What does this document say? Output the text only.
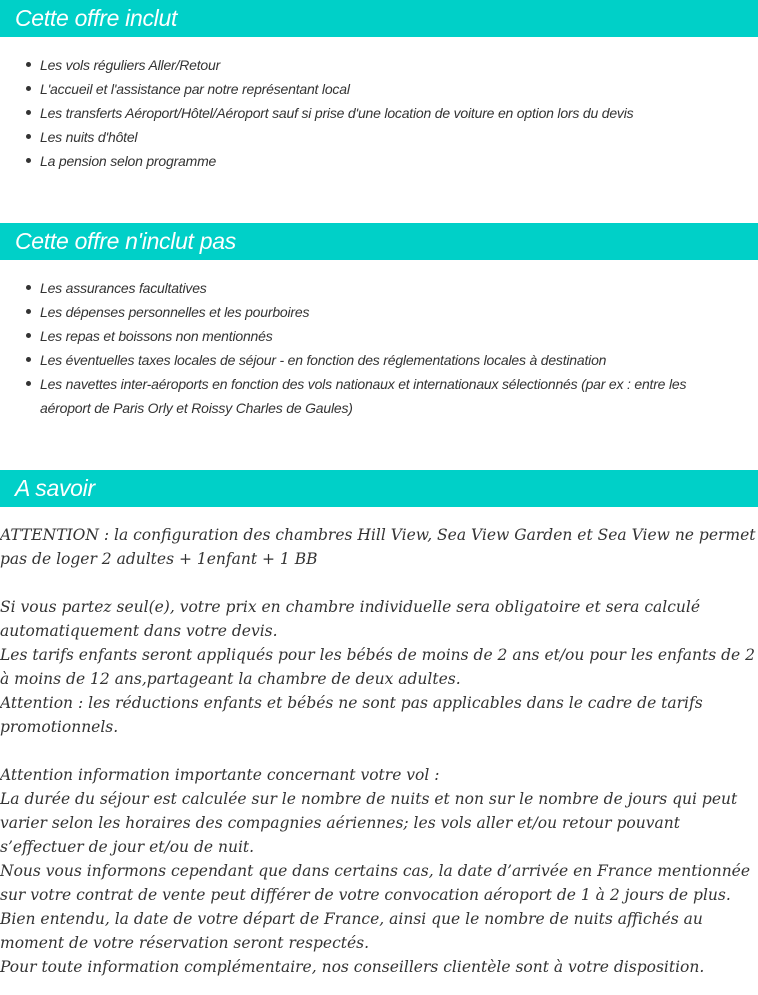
Cette offre inclut
Les vols réguliers Aller/Retour
L'accueil et l'assistance par notre représentant local
Les transferts Aéroport/Hôtel/Aéroport sauf si prise d'une location de voiture en option lors du devis
Les nuits d'hôtel
La pension selon programme
Cette offre n'inclut pas
Les assurances facultatives
Les dépenses personnelles et les pourboires
Les repas et boissons non mentionnés
Les éventuelles taxes locales de séjour - en fonction des réglementations locales à destination
Les navettes inter-aéroports en fonction des vols nationaux et internationaux sélectionnés (par ex : entre les aéroport de Paris Orly et Roissy Charles de Gaules)
A savoir

ATTENTION : la configuration des chambres Hill View, Sea View Garden et Sea View ne permet pas de loger 2 adultes + 1enfant + 1 BB

Si vous partez seul(e), votre prix en chambre individuelle sera obligatoire et sera calculé automatiquement dans votre devis.

Les tarifs enfants seront appliqués pour les bébés de moins de 2 ans et/ou pour les enfants de 2 à moins de 12 ans,partageant la chambre de deux adultes.

Attention : les réductions enfants et bébés ne sont pas applicables dans le cadre de tarifs promotionnels.

Attention information importante concernant votre vol :

La durée du séjour est calculée sur le nombre de nuits et non sur le nombre de jours qui peut varier selon les horaires des compagnies aériennes; les vols aller et/ou retour pouvant s’effectuer de jour et/ou de nuit.

Nous vous informons cependant que dans certains cas, la date d’arrivée en France mentionnée sur votre contrat de vente peut différer de votre convocation aéroport de 1 à 2 jours de plus. Bien entendu, la date de votre départ de France, ainsi que le nombre de nuits affichés au moment de votre réservation seront respectés.

Pour toute information complémentaire, nos conseillers clientèle sont à votre disposition.
